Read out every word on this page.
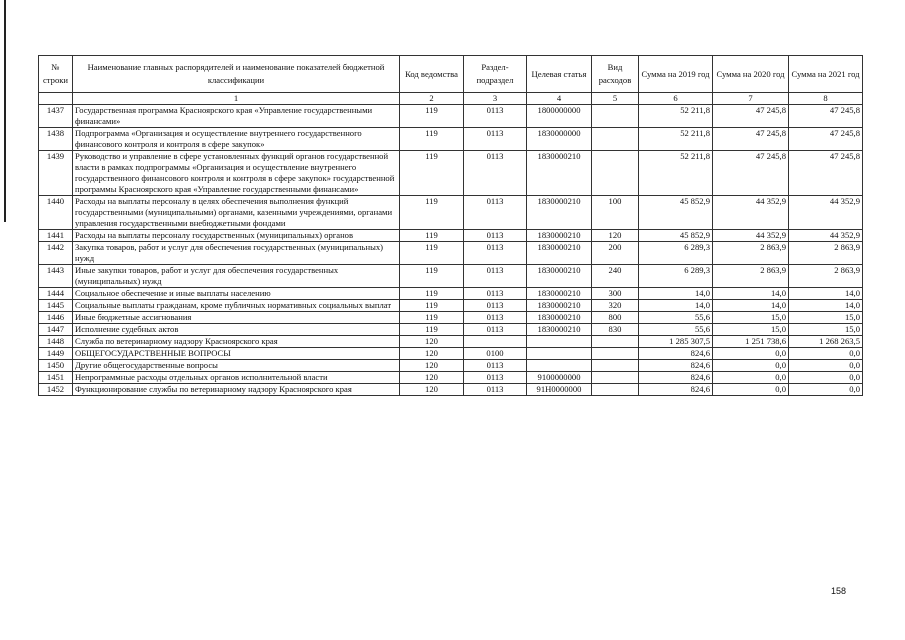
№ строки	Наименование главных распорядителей и наименование показателей бюджетной классификации	Код ведомства	Раздел-подраздел	Целевая статья	Вид расходов	Сумма на 2019 год	Сумма на 2020 год	Сумма на 2021 год
	1	2	3	4	5	6	7	8
1437	Государственная программа Красноярского края «Управление государственными финансами»	119	0113	1800000000		52 211,8	47 245,8	47 245,8
1438	Подпрограмма «Организация и осуществление внутреннего государственного финансового контроля и контроля в сфере закупок»	119	0113	1830000000		52 211,8	47 245,8	47 245,8
1439	Руководство и управление в сфере установленных функций органов государственной власти в рамках подпрограммы «Организация и осуществление внутреннего государственного финансового контроля и контроля в сфере закупок» государственной программы Красноярского края «Управление государственными финансами»	119	0113	1830000210		52 211,8	47 245,8	47 245,8
1440	Расходы на выплаты персоналу в целях обеспечения выполнения функций государственными (муниципальными) органами, казенными учреждениями, органами управления государственными внебюджетными фондами	119	0113	1830000210	100	45 852,9	44 352,9	44 352,9
1441	Расходы на выплаты персоналу государственных (муниципальных) органов	119	0113	1830000210	120	45 852,9	44 352,9	44 352,9
1442	Закупка товаров, работ и услуг для обеспечения государственных (муниципальных) нужд	119	0113	1830000210	200	6 289,3	2 863,9	2 863,9
1443	Иные закупки товаров, работ и услуг для обеспечения государственных (муниципальных) нужд	119	0113	1830000210	240	6 289,3	2 863,9	2 863,9
1444	Социальное обеспечение и иные выплаты населению	119	0113	1830000210	300	14,0	14,0	14,0
1445	Социальные выплаты гражданам, кроме публичных нормативных социальных выплат	119	0113	1830000210	320	14,0	14,0	14,0
1446	Иные бюджетные ассигнования	119	0113	1830000210	800	55,6	15,0	15,0
1447	Исполнение судебных актов	119	0113	1830000210	830	55,6	15,0	15,0
1448	Служба по ветеринарному надзору Красноярского края	120				1 285 307,5	1 251 738,6	1 268 263,5
1449	ОБЩЕГОСУДАРСТВЕННЫЕ ВОПРОСЫ	120	0100			824,6	0,0	0,0
1450	Другие общегосударственные вопросы	120	0113			824,6	0,0	0,0
1451	Непрограммные расходы отдельных органов исполнительной власти	120	0113	9100000000		824,6	0,0	0,0
1452	Функционирование службы по ветеринарному надзору Красноярского края	120	0113	91Н0000000		824,6	0,0	0,0
158
